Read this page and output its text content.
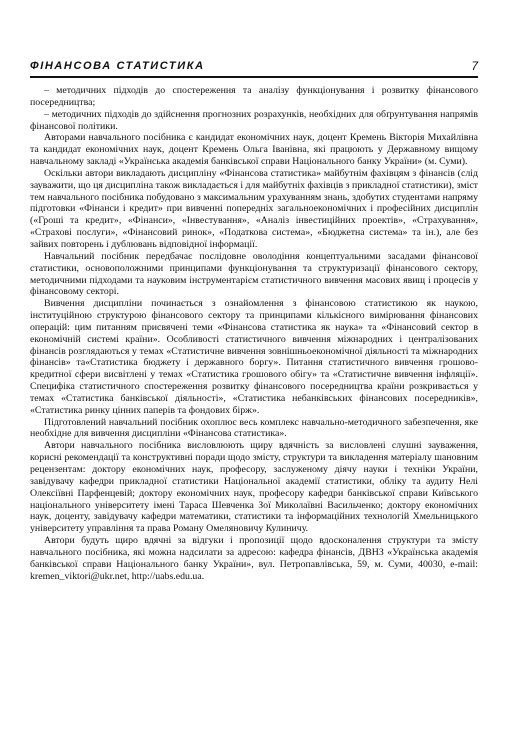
ФІНАНСОВА СТАТИСТИКА	7

– методичних підходів до спостереження та аналізу функціонування і розвитку фінансового посередництва;

– методичних підходів до здійснення прогнозних розрахунків, необхідних для обґрунтування напрямів фінансової політики.

Авторами навчального посібника є кандидат економічних наук, доцент Кремень Вікторія Михайлівна та кандидат економічних наук, доцент Кремень Ольга Іванівна, які працюють у Державному вищому навчальному закладі «Українська академія банківської справи Національного банку України» (м. Суми).

Оскільки автори викладають дисципліну «Фінансова статистика» майбутнім фахівцям з фінансів (слід зауважити, що ця дисципліна також викладається і для майбутніх фахівців з прикладної статистики), зміст тем навчального посібника побудовано з максимальним урахуванням знань, здобутих студентами напряму підготовки «Фінанси і кредит» при вивченні попередніх загальноекономічних і професійних дисциплін («Гроші та кредит», «Фінанси», «Інвестування», «Аналіз інвестиційних проектів», «Страхування», «Страхові послуги», «Фінансовий ринок», «Податкова система», «Бюджетна система» та ін.), але без зайвих повторень і дублювань відповідної інформації.

Навчальний посібник передбачає послідовне оволодіння концептуальними засадами фінансової статистики, основоположними принципами функціонування та структуризації фінансового сектору, методичними підходами та науковим інструментарієм статистичного вивчення масових явищ і процесів у фінансовому секторі.

Вивчення дисципліни починається з ознайомлення з фінансовою статистикою як наукою, інституційною структурою фінансового сектору та принципами кількісного вимірювання фінансових операцій: цим питанням присвячені теми «Фінансова статистика як наука» та «Фінансовий сектор в економічній системі країни». Особливості статистичного вивчення міжнародних і централізованих фінансів розглядаються у темах «Статистичне вивчення зовнішньоекономічної діяльності та міжнародних фінансів» та«Статистика бюджету і державного боргу». Питання статистичного вивчення грошово-кредитної сфери висвітлені у темах «Статистика грошового обігу» та «Статистичне вивчення інфляції». Специфіка статистичного спостереження розвитку фінансового посередництва країни розкривається у темах «Статистика банківської діяльності», «Статистика небанківських фінансових посередників», «Статистика ринку цінних паперів та фондових бірж».

Підготовлений навчальний посібник охоплює весь комплекс навчально-методичного забезпечення, яке необхідне для вивчення дисципліни «Фінансова статистика».

Автори навчального посібника висловлюють щиру вдячність за висловлені слушні зауваження, корисні рекомендації та конструктивні поради щодо змісту, структури та викладення матеріалу шановним рецензентам: доктору економічних наук, професору, заслуженому діячу науки і техніки України, завідувачу кафедри прикладної статистики Національної академії статистики, обліку та аудиту Нелі Олексіївні Парфенцевій; доктору економічних наук, професору кафедри банківської справи Київського національного університету імені Тараса Шевченка Зої Миколаївні Васильченко; доктору економічних наук, доценту, завідувачу кафедри математики, статистики та інформаційних технологій Хмельницького університету управління та права Роману Омеляновичу Кулиничу.

Автори будуть щиро вдячні за відгуки і пропозиції щодо вдосконалення структури та змісту навчального посібника, які можна надсилати за адресою: кафедра фінансів, ДВНЗ «Українська академія банківської справи Національного банку України», вул. Петропавлівська, 59, м. Суми, 40030, e-mail: kremen_viktori@ukr.net, http://uabs.edu.ua.
